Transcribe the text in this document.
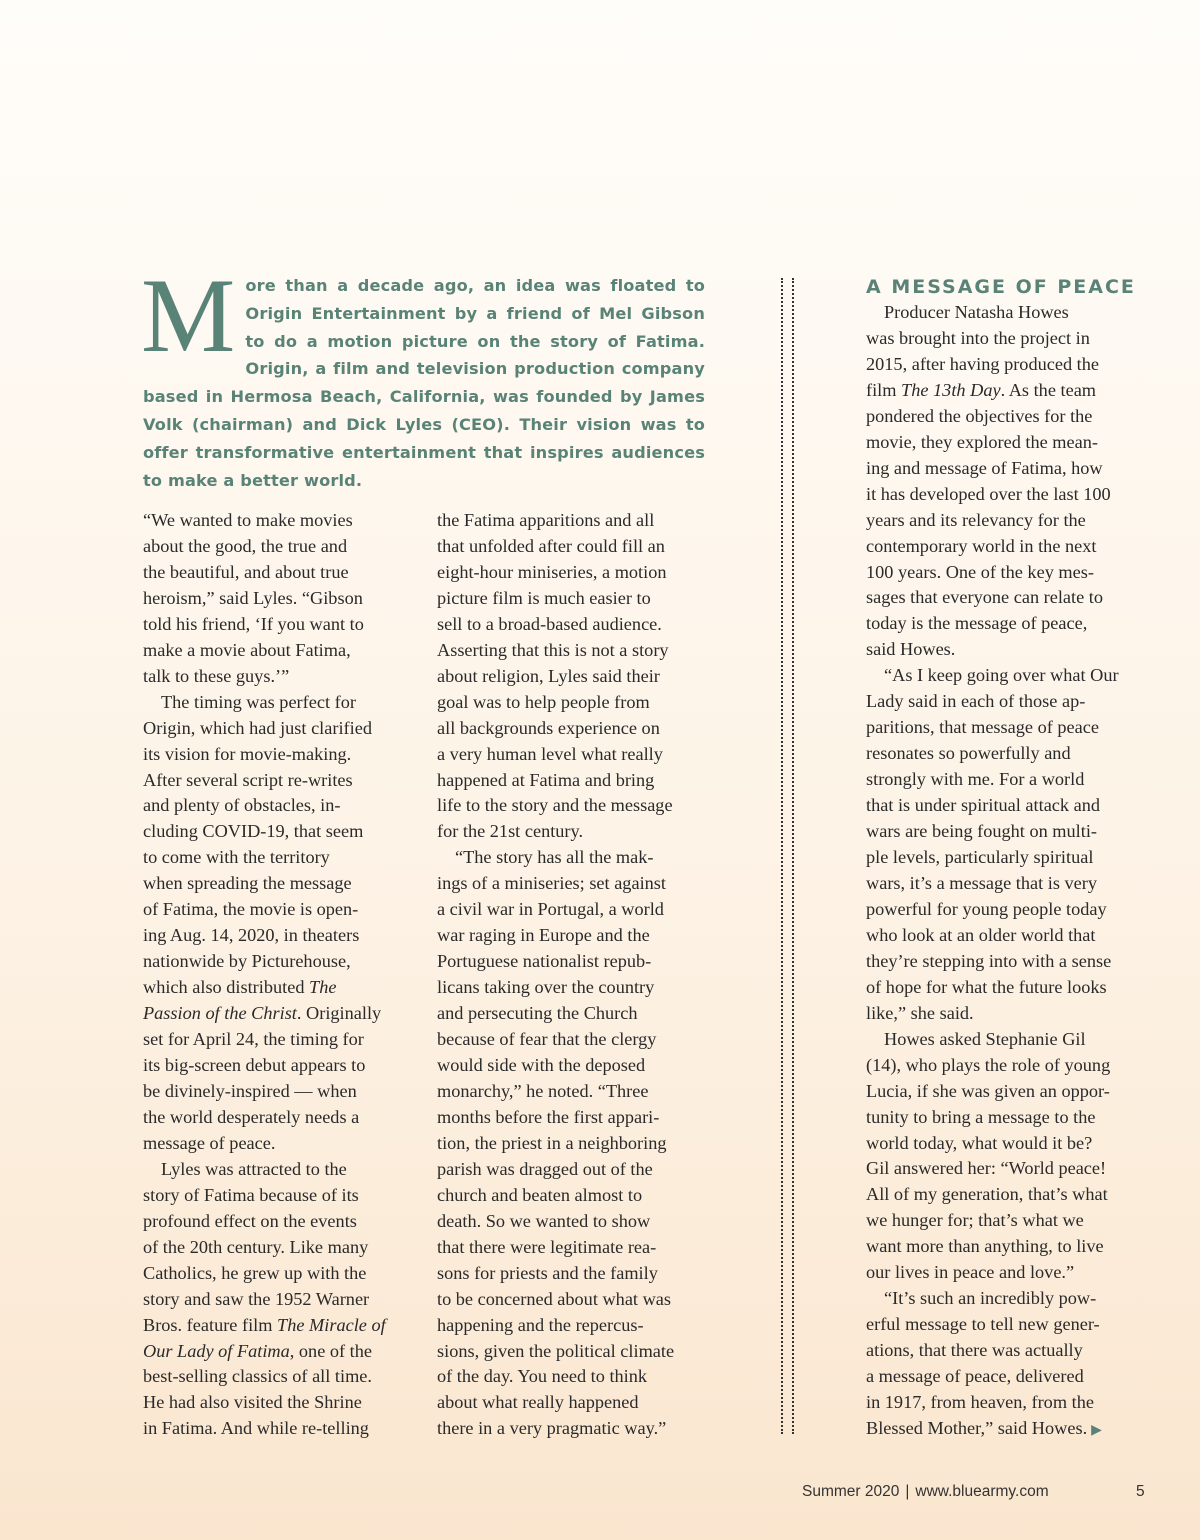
More than a decade ago, an idea was floated to Origin Entertainment by a friend of Mel Gibson to do a motion picture on the story of Fatima. Origin, a film and television production company based in Hermosa Beach, California, was founded by James Volk (chairman) and Dick Lyles (CEO). Their vision was to offer transformative entertainment that inspires audiences to make a better world.

“We wanted to make movies

about the good, the true and

the beautiful, and about true

heroism,” said Lyles. “Gibson

told his friend, ‘If you want to

make a movie about Fatima,

talk to these guys.’”

The timing was perfect for

Origin, which had just clarified

its vision for movie-making.

After several script re-writes

and plenty of obstacles, in-

cluding COVID-19, that seem

to come with the territory

when spreading the message

of Fatima, the movie is open-

ing Aug. 14, 2020, in theaters

nationwide by Picturehouse,

which also distributed The

Passion of the Christ. Originally

set for April 24, the timing for

its big-screen debut appears to

be divinely-inspired — when

the world desperately needs a

message of peace.

Lyles was attracted to the

story of Fatima because of its

profound effect on the events

of the 20th century. Like many

Catholics, he grew up with the

story and saw the 1952 Warner

Bros. feature film The Miracle of

Our Lady of Fatima, one of the

best-selling classics of all time.

He had also visited the Shrine

in Fatima. And while re-telling

the Fatima apparitions and all

that unfolded after could fill an

eight-hour miniseries, a motion

picture film is much easier to

sell to a broad-based audience.

Asserting that this is not a story

about religion, Lyles said their

goal was to help people from

all backgrounds experience on

a very human level what really

happened at Fatima and bring

life to the story and the message

for the 21st century.

“The story has all the mak-

ings of a miniseries; set against

a civil war in Portugal, a world

war raging in Europe and the

Portuguese nationalist repub-

licans taking over the country

and persecuting the Church

because of fear that the clergy

would side with the deposed

monarchy,” he noted. “Three

months before the first appari-

tion, the priest in a neighboring

parish was dragged out of the

church and beaten almost to

death. So we wanted to show

that there were legitimate rea-

sons for priests and the family

to be concerned about what was

happening and the repercus-

sions, given the political climate

of the day. You need to think

about what really happened

there in a very pragmatic way.”

A MESSAGE OF PEACE

Producer Natasha Howes

was brought into the project in

2015, after having produced the

film The 13th Day. As the team

pondered the objectives for the

movie, they explored the mean-

ing and message of Fatima, how

it has developed over the last 100

years and its relevancy for the

contemporary world in the next

100 years. One of the key mes-

sages that everyone can relate to

today is the message of peace,

said Howes.

“As I keep going over what Our

Lady said in each of those ap-

paritions, that message of peace

resonates so powerfully and

strongly with me. For a world

that is under spiritual attack and

wars are being fought on multi-

ple levels, particularly spiritual

wars, it’s a message that is very

powerful for young people today

who look at an older world that

they’re stepping into with a sense

of hope for what the future looks

like,” she said.

Howes asked Stephanie Gil

(14), who plays the role of young

Lucia, if she was given an oppor-

tunity to bring a message to the

world today, what would it be?

Gil answered her: “World peace!

All of my generation, that’s what

we hunger for; that’s what we

want more than anything, to live

our lives in peace and love.”

“It’s such an incredibly pow-

erful message to tell new gener-

ations, that there was actually

a message of peace, delivered

in 1917, from heaven, from the

Blessed Mother,” said Howes. ▶

Summer 2020 | www.bluearmy.com	5
